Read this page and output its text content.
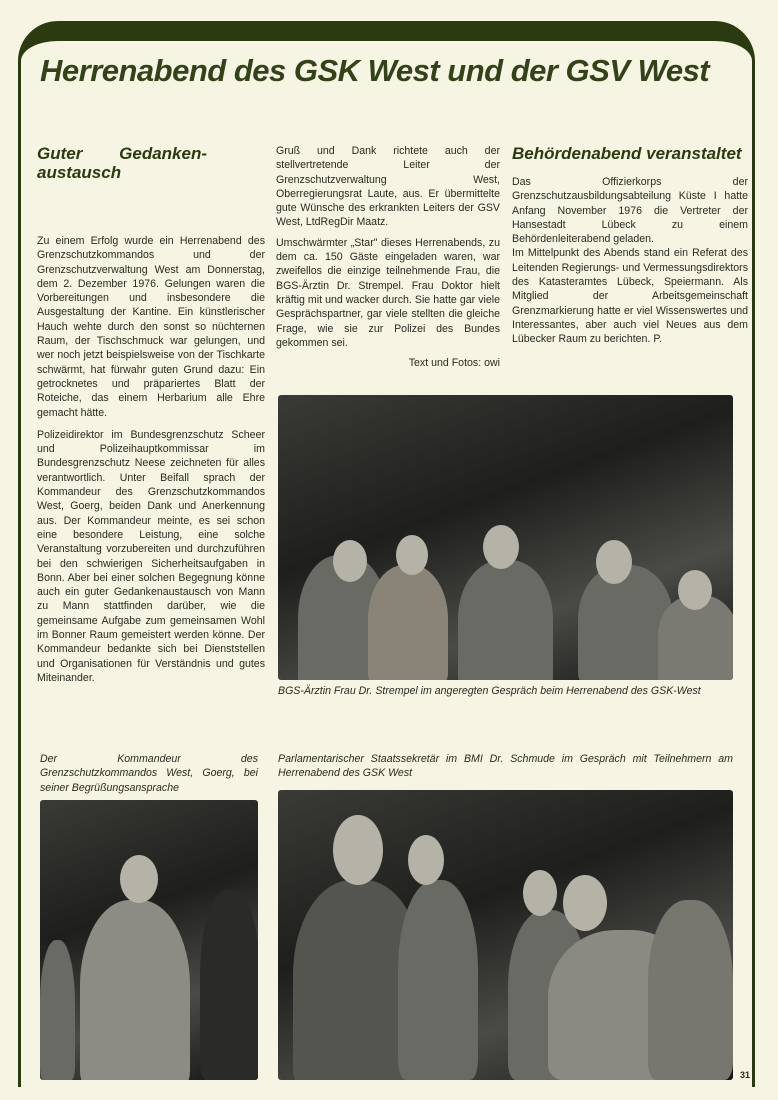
Herrenabend des GSK West und der GSV West
Guter Gedanken-austausch

Zu einem Erfolg wurde ein Herrenabend des Grenzschutzkommandos und der Grenzschutzverwaltung West am Donnerstag, dem 2. Dezember 1976. Gelungen waren die Vorbereitungen und insbesondere die Ausgestaltung der Kantine. Ein künstlerischer Hauch wehte durch den sonst so nüchternen Raum, der Tischschmuck war gelungen, und wer noch jetzt beispielsweise von der Tischkarte schwärmt, hat fürwahr guten Grund dazu: Ein getrocknetes und präpariertes Blatt der Roteiche, das einem Herbarium alle Ehre gemacht hätte.

Polizeidirektor im Bundesgrenzschutz Scheer und Polizeihauptkommissar im Bundesgrenzschutz Neese zeichneten für alles verantwortlich. Unter Beifall sprach der Kommandeur des Grenzschutzkommandos West, Goerg, beiden Dank und Anerkennung aus. Der Kommandeur meinte, es sei schon eine besondere Leistung, eine solche Veranstaltung vorzubereiten und durchzuführen bei den schwierigen Sicherheitsaufgaben in Bonn. Aber bei einer solchen Begegnung könne auch ein guter Gedankenaustausch von Mann zu Mann stattfinden darüber, wie die gemeinsame Aufgabe zum gemeinsamen Wohl im Bonner Raum gemeistert werden könne. Der Kommandeur bedankte sich bei Dienststellen und Organisationen für Verständnis und gutes Miteinander.

Gruß und Dank richtete auch der stellvertretende Leiter der Grenzschutzverwaltung West, Oberregierungsrat Laute, aus. Er übermittelte gute Wünsche des erkrankten Leiters der GSV West, LtdRegDir Maatz.

Umschwärmter „Star" dieses Herrenabends, zu dem ca. 150 Gäste eingeladen waren, war zweifellos die einzige teilnehmende Frau, die BGS-Ärztin Dr. Strempel. Frau Doktor hielt kräftig mit und wacker durch. Sie hatte gar viele Gesprächspartner, gar viele stellten die gleiche Frage, wie sie zur Polizei des Bundes gekommen sei.

Text und Fotos: owi

Behördenabend veranstaltet

Das Offizierkorps der Grenzschutzausbildungsabteilung Küste I hatte Anfang November 1976 die Vertreter der Hansestadt Lübeck zu einem Behördenleiterabend geladen.

Im Mittelpunkt des Abends stand ein Referat des Leitenden Regierungs- und Vermessungsdirektors des Katasteramtes Lübeck, Speiermann. Als Mitglied der Arbeitsgemeinschaft Grenzmarkierung hatte er viel Wissenswertes und Interessantes, aber auch viel Neues aus dem Lübecker Raum zu berichten. P.

BGS-Ärztin Frau Dr. Strempel im angeregten Gespräch beim Herrenabend des GSK-West
Der Kommandeur des Grenzschutzkommandos West, Goerg, bei seiner Begrüßungsansprache
Parlamentarischer Staatssekretär im BMI Dr. Schmude im Gespräch mit Teilnehmern am Herrenabend des GSK West
31
